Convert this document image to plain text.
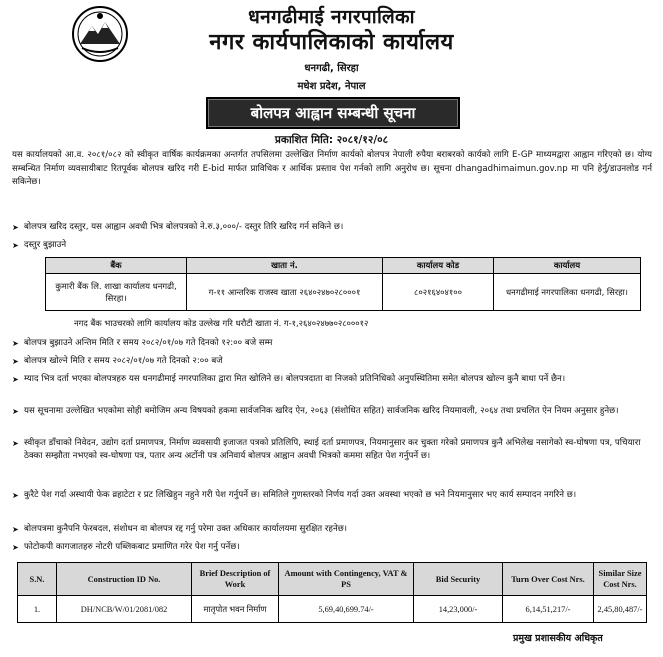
धनगढीमाई नगरपालिका
नगर कार्यपालिकाको कार्यालय
धनगढी, सिरहा
मधेश प्रदेश, नेपाल
बोलपत्र आह्वान सम्बन्धी सूचना
प्रकाशित मिति: २०८१/१२/०८
यस कार्यालयको आ.व. २०८१/०८२ को स्वीकृत वार्षिक कार्यक्रमका अन्तर्गत तपसिलमा उल्लेखित निर्माण कार्यको बोलपत्र नेपाली रुपैया बराबरको कार्यको लागि E-GP माध्यमद्वारा आह्वान गरिएको छ। योग्य सम्बन्धित निर्माण व्यवसायीबाट रितपूर्वक बोलपत्र खरिद गरी E-bid मार्फत प्राविधिक र आर्थिक प्रस्ताव पेश गर्नको लागि अनुरोध छ। सूचना dhangadhimaimun.gov.np मा पनि हेर्नु/डाउनलोड गर्न सकिनेछ।
➤ बोलपत्र खरिद दस्तुर, यस आह्वान अवधी भित्र बोलपत्रको ने.रु.३,०००/- दस्तुर तिरि खरिद गर्न सकिने छ।
➤ दस्तुर बुझाउने
बैंक	खाता नं.	कार्यालय कोड	कार्यालय
कुमारी बैंक लि. शाखा कार्यालय धनगढी, सिरहा।	ग-११ आन्तरिक राजस्व खाता २६४०२४७०२८०००१	८०२१६४०४१००	धनगढीमाई नगरपालिका धनगढी, सिरहा।
नगद बैंक भाउचरको लागि कार्यालय कोड उल्लेख गरि धरौटी खाता नं. ग-१,२६४०२४७७०२८०००१२
➤ बोलपत्र बुझाउने अन्तिम मिति र समय २०८२/०१/०७ गते दिनको १२:०० बजे सम्म
➤ बोलपत्र खोल्ने मिति र समय २०८२/०१/०७ गते दिनको २:०० बजे
➤ म्याद भित्र दर्ता भएका बोलपत्रहरु यस धनगढीमाई नगरपालिका द्वारा मित खोलिने छ। बोलपत्रदाता वा निजको प्रतिनिधिको अनुपस्थितिमा समेत बोलपत्र खोल्न कुनै बाधा पर्ने छैन।
➤ यस सूचनामा उल्लेखित भएकोमा सोही बमोजिम अन्य विषयको हकमा सार्वजनिक खरिद ऐन, २०६३ (संशोधित सहित) सार्वजनिक खरिद नियमावली, २०६४ तथा प्रचलित ऐन नियम अनुसार हुनेछ।
➤ स्वीकृत डाँचाको निवेदन, उद्योग दर्ता प्रमाणपत्र, निर्माण व्यवसायी इजाजत पत्रको प्रतिलिपि, स्थाई दर्ता प्रमाणपत्र, नियमानुसार कर चुक्ता गरेको प्रमाणपत्र कुनै अभिलेख नसागेको स्व-घोषणा पत्र, पचियारा ठेक्का सम्झौता नभएको स्व-घोषणा पत्र, पतार अन्य अर्टोनी पत्र अनिवार्य बोलपत्र आह्वान अवधी भित्रको कममा सहित पेश गर्नुपर्ने छ।
➤ कुरैटे पेश गर्दा अस्थायी फेक व्रहाटेटा र प्रट लिखिहुन नहुने गरी पेश गर्नुपर्ने छ। समितिले गुणस्तरको निर्णय गर्दा उक्त अवस्था भएको छ भने नियमानुसार भए कार्य सम्पादन नगरिने छ।
➤ बोलपत्रमा कुनैपनि फेरबदल, संशोधन वा बोलपत्र रद्द गर्नु परेमा उक्त अधिकार कार्यालयमा सुरक्षित रहनेछ।
➤ फोटोकपी कागजातहरु नोटरी पब्लिकबाट प्रमाणित गरेर पेश गर्नु पर्नेछ।
S.N.	Construction ID No.	Brief Description of Work	Amount with Contingency, VAT & PS	Bid Security	Turn Over Cost Nrs.	Similar Size Cost Nrs.
1.	DH/NCB/W/01/2081/082	मातृपोत भवन निर्माण	5,69,40,699.74/-	14,23,000/-	6,14,51,217/-	2,45,80,487/-
प्रमुख प्रशासकीय अधिकृत
